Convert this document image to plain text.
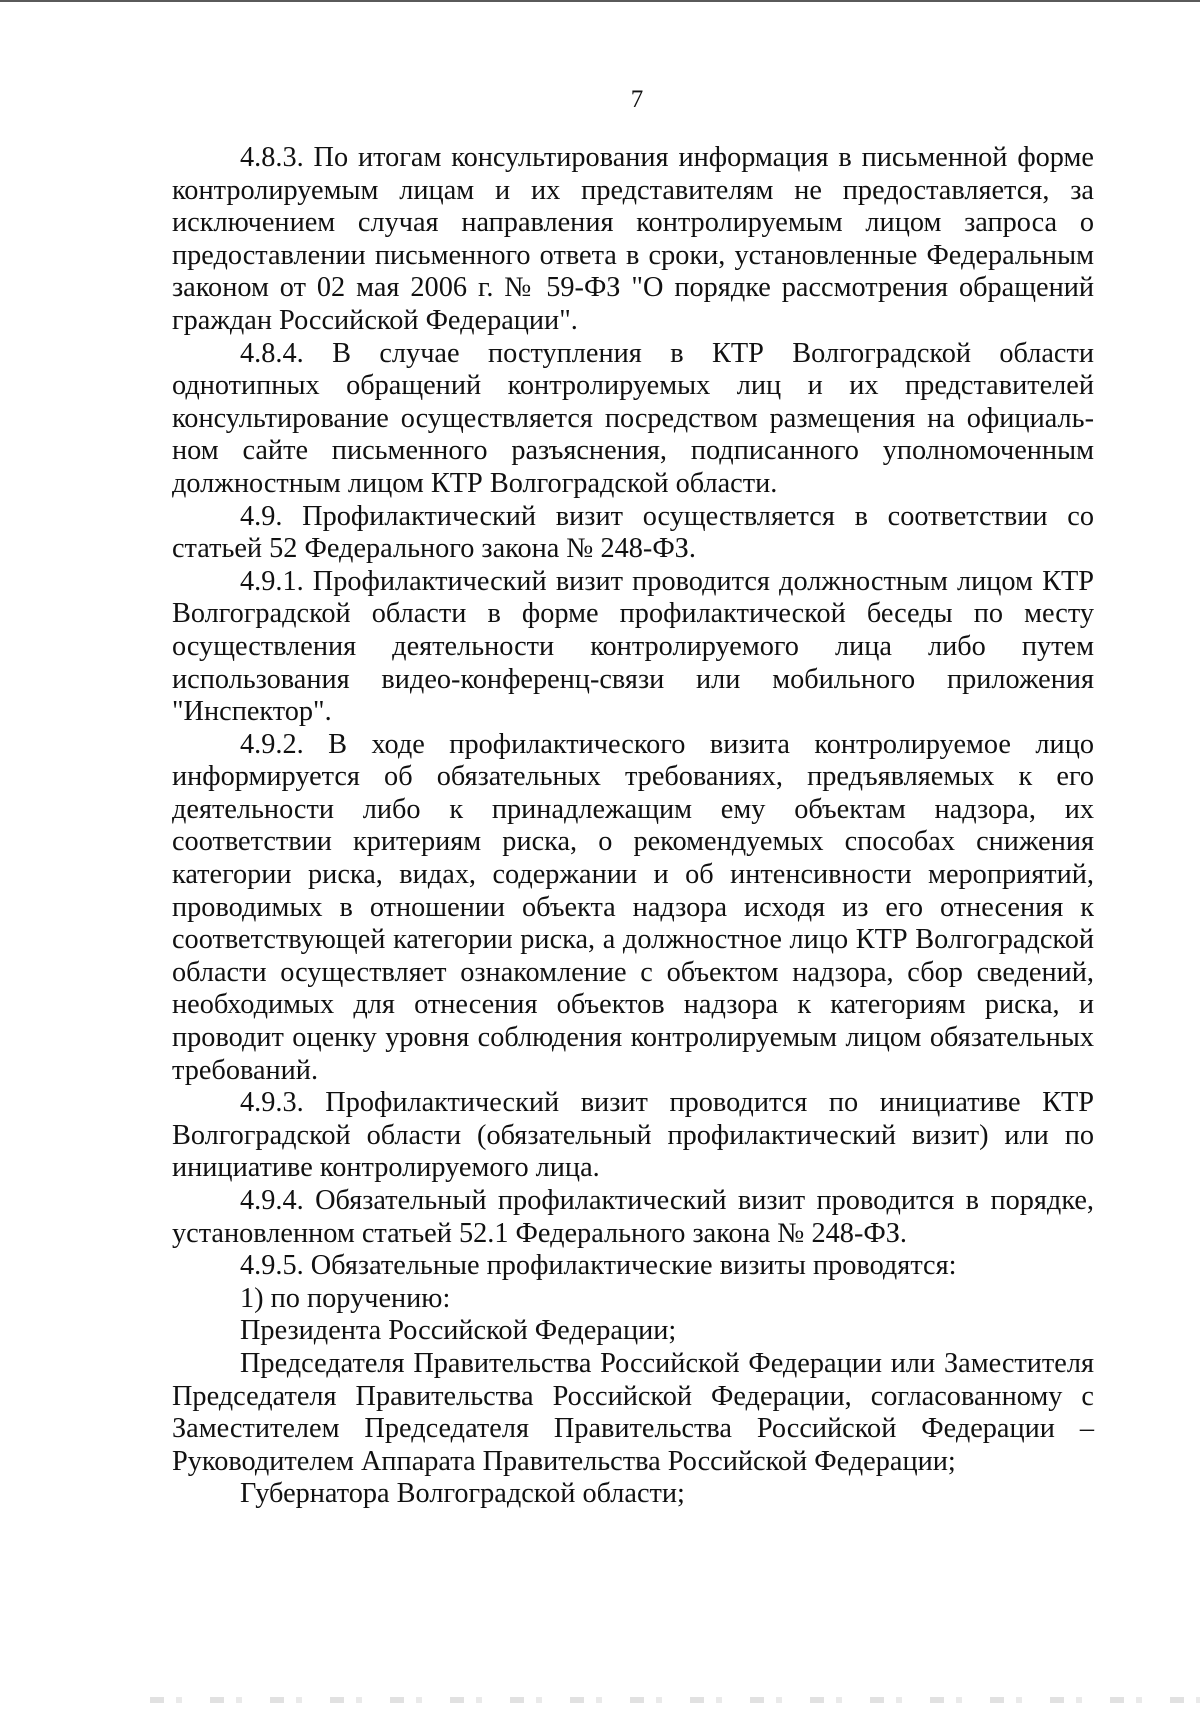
7

4.8.3. По итогам консультирования информация в письменной форме контролируемым лицам и их представителям не предоставляется, за исключением случая направления контролируемым лицом запроса о предоставлении письменного ответа в сроки, установленные Федеральным законом от 02 мая 2006 г. № 59-ФЗ "О порядке рассмотрения обращений граждан Российской Федерации".

4.8.4. В случае поступления в КТР Волгоградской области однотипных обращений контролируемых лиц и их представителей консультирование осуществляется посредством размещения на официальном сайте письменного разъяснения, подписанного уполномоченным должностным лицом КТР Волгоградской области.

4.9. Профилактический визит осуществляется в соответствии со статьей 52 Федерального закона № 248-ФЗ.

4.9.1. Профилактический визит проводится должностным лицом КТР Волгоградской области в форме профилактической беседы по месту осуществления деятельности контролируемого лица либо путем использования видео-конференц-связи или мобильного приложения "Инспектор".

4.9.2. В ходе профилактического визита контролируемое лицо информируется об обязательных требованиях, предъявляемых к его деятельности либо к принадлежащим ему объектам надзора, их соответствии критериям риска, о рекомендуемых способах снижения категории риска, видах, содержании и об интенсивности мероприятий, проводимых в отношении объекта надзора исходя из его отнесения к соответствующей категории риска, а должностное лицо КТР Волгоградской области осуществляет ознакомление с объектом надзора, сбор сведений, необходимых для отнесения объектов надзора к категориям риска, и проводит оценку уровня соблюдения контролируемым лицом обязательных требований.

4.9.3. Профилактический визит проводится по инициативе КТР Волгоградской области (обязательный профилактический визит) или по инициативе контролируемого лица.

4.9.4. Обязательный профилактический визит проводится в порядке, установленном статьей 52.1 Федерального закона № 248-ФЗ.

4.9.5. Обязательные профилактические визиты проводятся:

1) по поручению:

Президента Российской Федерации;

Председателя Правительства Российской Федерации или Заместителя Председателя Правительства Российской Федерации, согласованному с Заместителем Председателя Правительства Российской Федерации – Руководителем Аппарата Правительства Российской Федерации;

Губернатора Волгоградской области;
